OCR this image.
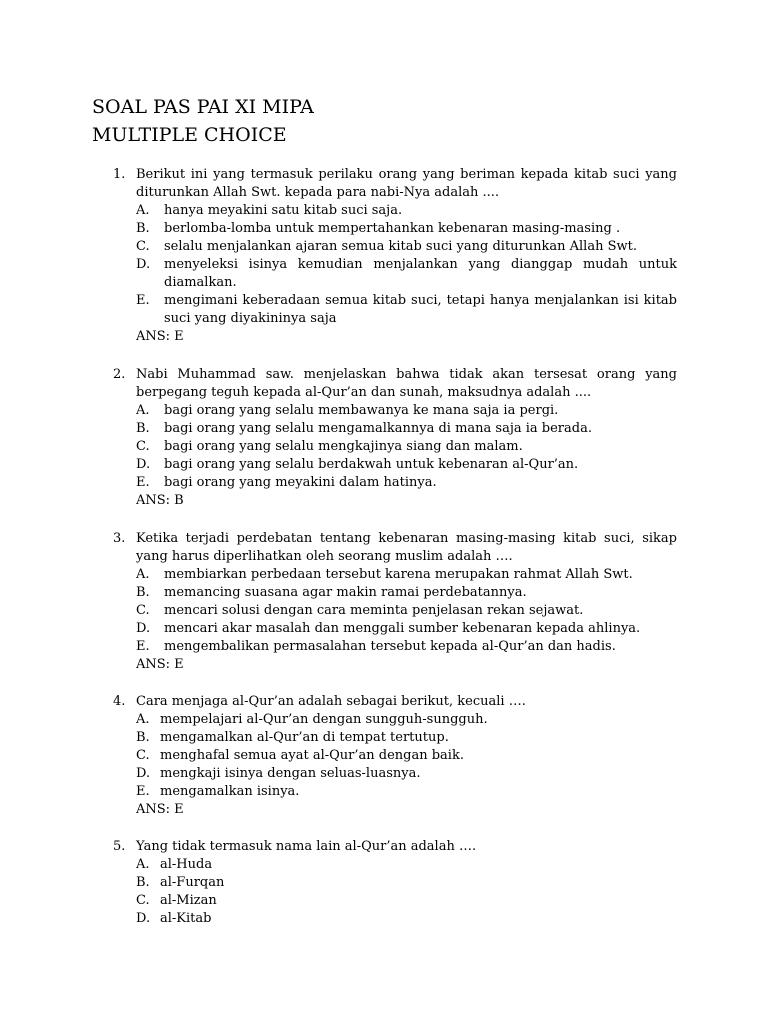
SOAL PAS PAI XI MIPA
MULTIPLE CHOICE
1. Berikut ini yang termasuk perilaku orang yang beriman kepada kitab suci yang diturunkan Allah Swt. kepada para nabi-Nya adalah ....
A. hanya meyakini satu kitab suci saja.
B. berlomba-lomba untuk mempertahankan kebenaran masing-masing .
C. selalu menjalankan ajaran semua kitab suci yang diturunkan Allah Swt.
D. menyeleksi isinya kemudian menjalankan yang dianggap mudah untuk diamalkan.
E. mengimani keberadaan semua kitab suci, tetapi hanya menjalankan isi kitab suci yang diyakininya saja
ANS: E
2. Nabi Muhammad saw. menjelaskan bahwa tidak akan tersesat orang yang berpegang teguh kepada al-Qur’an dan sunah, maksudnya adalah ....
A. bagi orang yang selalu membawanya ke mana saja ia pergi.
B. bagi orang yang selalu mengamalkannya di mana saja ia berada.
C. bagi orang yang selalu mengkajinya siang dan malam.
D. bagi orang yang selalu berdakwah untuk kebenaran al-Qur’an.
E. bagi orang yang meyakini dalam hatinya.
ANS: B
3. Ketika terjadi perdebatan tentang kebenaran masing-masing kitab suci, sikap yang harus diperlihatkan oleh seorang muslim adalah ….
A. membiarkan perbedaan tersebut karena merupakan rahmat Allah Swt.
B. memancing suasana agar makin ramai perdebatannya.
C. mencari solusi dengan cara meminta penjelasan rekan sejawat.
D. mencari akar masalah dan menggali sumber kebenaran kepada ahlinya.
E. mengembalikan permasalahan tersebut kepada al-Qur’an dan hadis.
ANS: E
4. Cara menjaga al-Qur’an adalah sebagai berikut, kecuali ….
A. mempelajari al-Qur’an dengan sungguh-sungguh.
B. mengamalkan al-Qur’an di tempat tertutup.
C. menghafal semua ayat al-Qur’an dengan baik.
D. mengkaji isinya dengan seluas-luasnya.
E. mengamalkan isinya.
ANS: E
5. Yang tidak termasuk nama lain al-Qur’an adalah ….
A. al-Huda
B. al-Furqan
C. al-Mizan
D. al-Kitab
